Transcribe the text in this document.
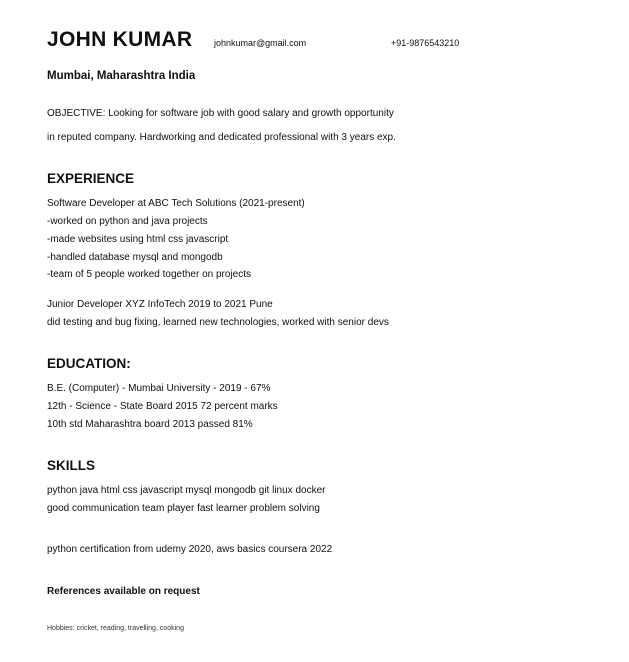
JOHN KUMAR johnkumar@gmail.com	+91-9876543210
Mumbai, Maharashtra India
OBJECTIVE: Looking for software job with good salary and growth opportunity
in reputed company. Hardworking and dedicated professional with 3 years exp.
EXPERIENCE
Software Developer at ABC Tech Solutions (2021-present)
-worked on python and java projects
-made websites using html css javascript
-handled database mysql and mongodb
-team of 5 people worked together on projects
Junior Developer XYZ InfoTech 2019 to 2021 Pune
did testing and bug fixing, learned new technologies, worked with senior devs
EDUCATION:
B.E. (Computer) - Mumbai University - 2019 - 67%
12th - Science - State Board 2015 72 percent marks
10th std Maharashtra board 2013 passed 81%
SKILLS
python java html css javascript mysql mongodb git linux docker
good communication team player fast learner problem solving
python certification from udemy 2020, aws basics coursera 2022
References available on request
Hobbies: cricket, reading, travelling, cooking
